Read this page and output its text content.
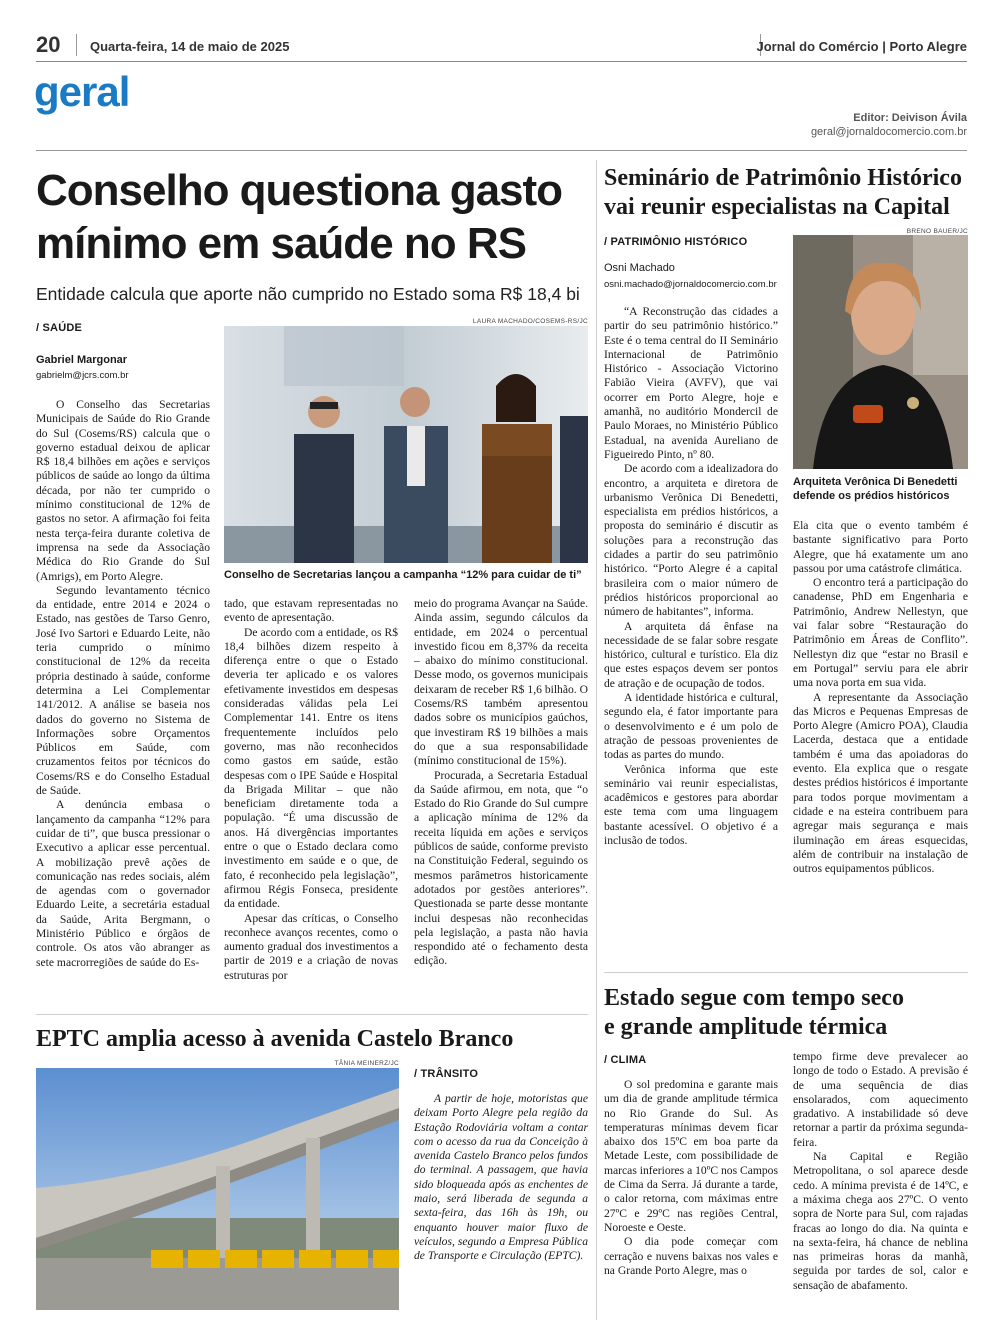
20 Quarta-feira, 14 de maio de 2025	Jornal do Comércio | Porto Alegre
geral
Editor: Deivison Ávila
geral@jornaldocomercio.com.br
Conselho questiona gasto
mínimo em saúde no RS
Entidade calcula que aporte não cumprido no Estado soma R$ 18,4 bi
/ SAÚDE
Gabriel Margonar
gabrielm@jcrs.com.br
LAURA MACHADO/COSEMS-RS/JC
Conselho de Secretarias lançou a campanha “12% para cuidar de ti”

O Conselho das Secretarias Municipais de Saúde do Rio Grande do Sul (Cosems/RS) calcula que o governo estadual deixou de aplicar R$ 18,4 bilhões em ações e serviços públicos de saúde ao longo da última década, por não ter cumprido o mínimo constitucional de 12% de gastos no setor. A afirmação foi feita nesta terça-feira durante coletiva de imprensa na sede da Associação Médica do Rio Grande do Sul (Amrigs), em Porto Alegre.

Segundo levantamento técnico da entidade, entre 2014 e 2024 o Estado, nas gestões de Tarso Genro, José Ivo Sartori e Eduardo Leite, não teria cumprido o mínimo constitucional de 12% da receita própria destinado à saúde, conforme determina a Lei Complementar 141/2012. A análise se baseia nos dados do governo no Sistema de Informações sobre Orçamentos Públicos em Saúde, com cruzamentos feitos por técnicos do Cosems/RS e do Conselho Estadual de Saúde.

A denúncia embasa o lançamento da campanha “12% para cuidar de ti”, que busca pressionar o Executivo a aplicar esse percentual. A mobilização prevê ações de comunicação nas redes sociais, além de agendas com o governador Eduardo Leite, a secretária estadual da Saúde, Arita Bergmann, o Ministério Público e órgãos de controle. Os atos vão abranger as sete macrorregiões de saúde do Es-

tado, que estavam representadas no evento de apresentação.

De acordo com a entidade, os R$ 18,4 bilhões dizem respeito à diferença entre o que o Estado deveria ter aplicado e os valores efetivamente investidos em despesas consideradas válidas pela Lei Complementar 141. Entre os itens frequentemente incluídos pelo governo, mas não reconhecidos como gastos em saúde, estão despesas com o IPE Saúde e Hospital da Brigada Militar – que não beneficiam diretamente toda a população. “É uma discussão de anos. Há divergências importantes entre o que o Estado declara como investimento em saúde e o que, de fato, é reconhecido pela legislação”, afirmou Régis Fonseca, presidente da entidade.

Apesar das críticas, o Conselho reconhece avanços recentes, como o aumento gradual dos investimentos a partir de 2019 e a criação de novas estruturas por

meio do programa Avançar na Saúde. Ainda assim, segundo cálculos da entidade, em 2024 o percentual investido ficou em 8,37% da receita – abaixo do mínimo constitucional. Desse modo, os governos municipais deixaram de receber R$ 1,6 bilhão. O Cosems/RS também apresentou dados sobre os municípios gaúchos, que investiram R$ 19 bilhões a mais do que a sua responsabilidade (mínimo constitucional de 15%).

Procurada, a Secretaria Estadual da Saúde afirmou, em nota, que “o Estado do Rio Grande do Sul cumpre a aplicação mínima de 12% da receita líquida em ações e serviços públicos de saúde, conforme previsto na Constituição Federal, seguindo os mesmos parâmetros historicamente adotados por gestões anteriores”. Questionada se parte desse montante inclui despesas não reconhecidas pela legislação, a pasta não havia respondido até o fechamento desta edição.

Seminário de Patrimônio Histórico
vai reunir especialistas na Capital
/ PATRIMÔNIO HISTÓRICO
Osni Machado
osni.machado@jornaldocomercio.com.br
BRENO BAUER/JC
Arquiteta Verônica Di Benedetti defende os prédios históricos

“A Reconstrução das cidades a partir do seu patrimônio histórico.” Este é o tema central do II Seminário Internacional de Patrimônio Histórico - Associação Victorino Fabião Vieira (AVFV), que vai ocorrer em Porto Alegre, hoje e amanhã, no auditório Mondercil de Paulo Moraes, no Ministério Público Estadual, na avenida Aureliano de Figueiredo Pinto, nº 80.

De acordo com a idealizadora do encontro, a arquiteta e diretora de urbanismo Verônica Di Benedetti, especialista em prédios históricos, a proposta do seminário é discutir as soluções para a reconstrução das cidades a partir do seu patrimônio histórico. “Porto Alegre é a capital brasileira com o maior número de prédios históricos proporcional ao número de habitantes”, informa.

A arquiteta dá ênfase na necessidade de se falar sobre resgate histórico, cultural e turístico. Ela diz que estes espaços devem ser pontos de atração e de ocupação de todos.

A identidade histórica e cultural, segundo ela, é fator importante para o desenvolvimento e é um polo de atração de pessoas provenientes de todas as partes do mundo.

Verônica informa que este seminário vai reunir especialistas, acadêmicos e gestores para abordar este tema com uma linguagem bastante acessível. O objetivo é a inclusão de todos.

Ela cita que o evento também é bastante significativo para Porto Alegre, que há exatamente um ano passou por uma catástrofe climática.

O encontro terá a participação do canadense, PhD em Engenharia e Patrimônio, Andrew Nellestyn, que vai falar sobre “Restauração do Patrimônio em Áreas de Conflito”. Nellestyn diz que “estar no Brasil e em Portugal” serviu para ele abrir uma nova porta em sua vida.

A representante da Associação das Micros e Pequenas Empresas de Porto Alegre (Amicro POA), Claudia Lacerda, destaca que a entidade também é uma das apoiadoras do evento. Ela explica que o resgate destes prédios históricos é importante para todos porque movimentam a cidade e na esteira contribuem para agregar mais segurança e mais iluminação em áreas esquecidas, além de contribuir na instalação de outros equipamentos públicos.

EPTC amplia acesso à avenida Castelo Branco
TÂNIA MEINERZ/JC
/ TRÂNSITO

A partir de hoje, motoristas que deixam Porto Alegre pela região da Estação Rodoviária voltam a contar com o acesso da rua da Conceição à avenida Castelo Branco pelos fundos do terminal. A passagem, que havia sido bloqueada após as enchentes de maio, será liberada de segunda a sexta-feira, das 16h às 19h, ou enquanto houver maior fluxo de veículos, segundo a Empresa Pública de Transporte e Circulação (EPTC).

Estado segue com tempo seco
e grande amplitude térmica
/ CLIMA

O sol predomina e garante mais um dia de grande amplitude térmica no Rio Grande do Sul. As temperaturas mínimas devem ficar abaixo dos 15ºC em boa parte da Metade Leste, com possibilidade de marcas inferiores a 10ºC nos Campos de Cima da Serra. Já durante a tarde, o calor retorna, com máximas entre 27ºC e 29ºC nas regiões Central, Noroeste e Oeste.

O dia pode começar com cerração e nuvens baixas nos vales e na Grande Porto Alegre, mas o

tempo firme deve prevalecer ao longo de todo o Estado. A previsão é de uma sequência de dias ensolarados, com aquecimento gradativo. A instabilidade só deve retornar a partir da próxima segunda-feira.

Na Capital e Região Metropolitana, o sol aparece desde cedo. A mínima prevista é de 14ºC, e a máxima chega aos 27ºC. O vento sopra de Norte para Sul, com rajadas fracas ao longo do dia. Na quinta e na sexta-feira, há chance de neblina nas primeiras horas da manhã, seguida por tardes de sol, calor e sensação de abafamento.
